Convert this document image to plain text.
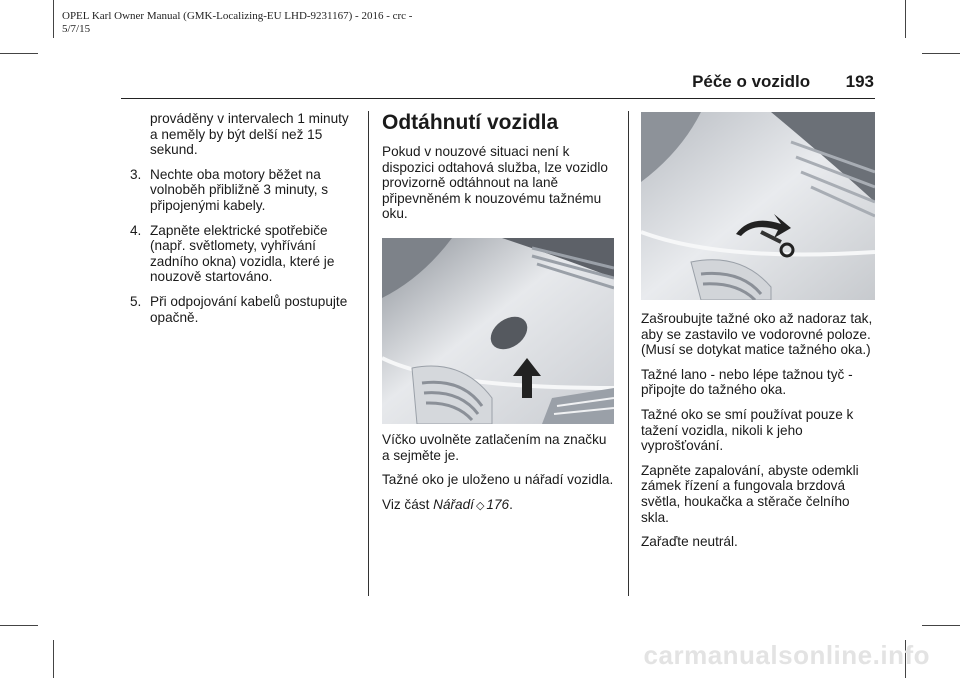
OPEL Karl Owner Manual (GMK-Localizing-EU LHD-9231167) - 2016 - crc -
5/7/15
Péče o vozidlo 193

prováděny v intervalech 1 minuty a neměly by být delší než 15 sekund.

3. Nechte oba motory běžet na volnoběh přibližně 3 minuty, s připojenými kabely.
4. Zapněte elektrické spotřebiče (např. světlomety, vyhřívání zadního okna) vozidla, které je nouzově startováno.
5. Při odpojování kabelů postupujte opačně.
Odtáhnutí vozidla

Pokud v nouzové situaci není k dispozici odtahová služba, lze vozidlo provizorně odtáhnout na laně připevněném k nouzovému tažnému oku.

Víčko uvolněte zatlačením na značku a sejměte je.

Tažné oko je uloženo u nářadí vozidla.

Viz část Nářadí ◇ 176.

Zašroubujte tažné oko až nadoraz tak, aby se zastavilo ve vodorovné poloze. (Musí se dotykat matice tažného oka.)

Tažné lano - nebo lépe tažnou tyč - připojte do tažného oka.

Tažné oko se smí používat pouze k tažení vozidla, nikoli k jeho vyprošťování.

Zapněte zapalování, abyste odemkli zámek řízení a fungovala brzdová světla, houkačka a stěrače čelního skla.

Zařaďte neutrál.

carmanualsonline.info
